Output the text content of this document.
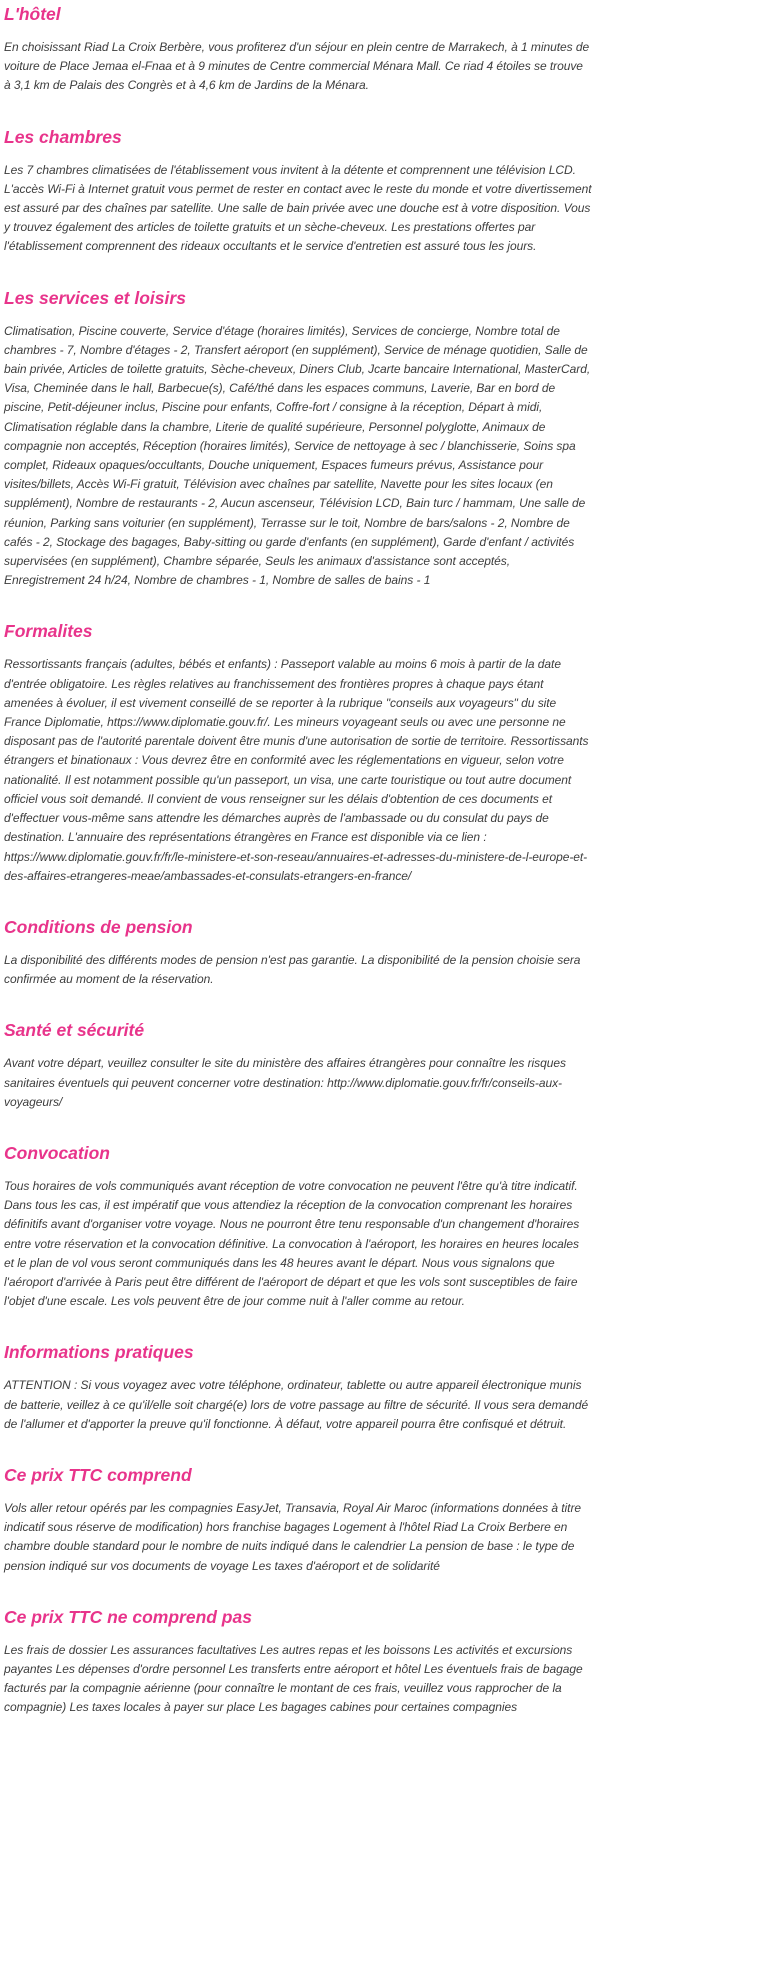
L'hôtel

En choisissant Riad La Croix Berbère, vous profiterez d'un séjour en plein centre de Marrakech, à 1 minutes de voiture de Place Jemaa el-Fnaa et à 9 minutes de Centre commercial Ménara Mall. Ce riad 4 étoiles se trouve à 3,1 km de Palais des Congrès et à 4,6 km de Jardins de la Ménara.

Les chambres

Les 7 chambres climatisées de l'établissement vous invitent à la détente et comprennent une télévision LCD. L'accès Wi-Fi à Internet gratuit vous permet de rester en contact avec le reste du monde et votre divertissement est assuré par des chaînes par satellite. Une salle de bain privée avec une douche est à votre disposition. Vous y trouvez également des articles de toilette gratuits et un sèche-cheveux. Les prestations offertes par l'établissement comprennent des rideaux occultants et le service d'entretien est assuré tous les jours.

Les services et loisirs

Climatisation, Piscine couverte, Service d'étage (horaires limités), Services de concierge, Nombre total de chambres - 7, Nombre d'étages - 2, Transfert aéroport (en supplément), Service de ménage quotidien, Salle de bain privée, Articles de toilette gratuits, Sèche-cheveux, Diners Club, Jcarte bancaire International, MasterCard, Visa, Cheminée dans le hall, Barbecue(s), Café/thé dans les espaces communs, Laverie, Bar en bord de piscine, Petit-déjeuner inclus, Piscine pour enfants, Coffre-fort / consigne à la réception, Départ à midi, Climatisation réglable dans la chambre, Literie de qualité supérieure, Personnel polyglotte, Animaux de compagnie non acceptés, Réception (horaires limités), Service de nettoyage à sec / blanchisserie, Soins spa complet, Rideaux opaques/occultants, Douche uniquement, Espaces fumeurs prévus, Assistance pour visites/billets, Accès Wi-Fi gratuit, Télévision avec chaînes par satellite, Navette pour les sites locaux (en supplément), Nombre de restaurants - 2, Aucun ascenseur, Télévision LCD, Bain turc / hammam, Une salle de réunion, Parking sans voiturier (en supplément), Terrasse sur le toit, Nombre de bars/salons - 2, Nombre de cafés - 2, Stockage des bagages, Baby-sitting ou garde d'enfants (en supplément), Garde d'enfant / activités supervisées (en supplément), Chambre séparée, Seuls les animaux d'assistance sont acceptés, Enregistrement 24 h/24, Nombre de chambres - 1, Nombre de salles de bains - 1

Formalites

Ressortissants français (adultes, bébés et enfants) : Passeport valable au moins 6 mois à partir de la date d'entrée obligatoire. Les règles relatives au franchissement des frontières propres à chaque pays étant amenées à évoluer, il est vivement conseillé de se reporter à la rubrique "conseils aux voyageurs" du site France Diplomatie, https://www.diplomatie.gouv.fr/. Les mineurs voyageant seuls ou avec une personne ne disposant pas de l'autorité parentale doivent être munis d'une autorisation de sortie de territoire. Ressortissants étrangers et binationaux : Vous devrez être en conformité avec les réglementations en vigueur, selon votre nationalité. Il est notamment possible qu'un passeport, un visa, une carte touristique ou tout autre document officiel vous soit demandé. Il convient de vous renseigner sur les délais d'obtention de ces documents et d'effectuer vous-même sans attendre les démarches auprès de l'ambassade ou du consulat du pays de destination. L'annuaire des représentations étrangères en France est disponible via ce lien : https://www.diplomatie.gouv.fr/fr/le-ministere-et-son-reseau/annuaires-et-adresses-du-ministere-de-l-europe-et-des-affaires-etrangeres-meae/ambassades-et-consulats-etrangers-en-france/

Conditions de pension

La disponibilité des différents modes de pension n'est pas garantie. La disponibilité de la pension choisie sera confirmée au moment de la réservation.

Santé et sécurité

Avant votre départ, veuillez consulter le site du ministère des affaires étrangères pour connaître les risques sanitaires éventuels qui peuvent concerner votre destination: http://www.diplomatie.gouv.fr/fr/conseils-aux-voyageurs/

Convocation

Tous horaires de vols communiqués avant réception de votre convocation ne peuvent l'être qu'à titre indicatif. Dans tous les cas, il est impératif que vous attendiez la réception de la convocation comprenant les horaires définitifs avant d'organiser votre voyage. Nous ne pourront être tenu responsable d'un changement d'horaires entre votre réservation et la convocation définitive. La convocation à l'aéroport, les horaires en heures locales et le plan de vol vous seront communiqués dans les 48 heures avant le départ. Nous vous signalons que l'aéroport d'arrivée à Paris peut être différent de l'aéroport de départ et que les vols sont susceptibles de faire l'objet d'une escale. Les vols peuvent être de jour comme nuit à l'aller comme au retour.

Informations pratiques

ATTENTION : Si vous voyagez avec votre téléphone, ordinateur, tablette ou autre appareil électronique munis de batterie, veillez à ce qu'il/elle soit chargé(e) lors de votre passage au filtre de sécurité. Il vous sera demandé de l'allumer et d'apporter la preuve qu'il fonctionne. À défaut, votre appareil pourra être confisqué et détruit.

Ce prix TTC comprend

Vols aller retour opérés par les compagnies EasyJet, Transavia, Royal Air Maroc (informations données à titre indicatif sous réserve de modification) hors franchise bagages Logement à l'hôtel Riad La Croix Berbere en chambre double standard pour le nombre de nuits indiqué dans le calendrier La pension de base : le type de pension indiqué sur vos documents de voyage Les taxes d'aéroport et de solidarité

Ce prix TTC ne comprend pas

Les frais de dossier Les assurances facultatives Les autres repas et les boissons Les activités et excursions payantes Les dépenses d'ordre personnel Les transferts entre aéroport et hôtel Les éventuels frais de bagage facturés par la compagnie aérienne (pour connaître le montant de ces frais, veuillez vous rapprocher de la compagnie) Les taxes locales à payer sur place Les bagages cabines pour certaines compagnies
